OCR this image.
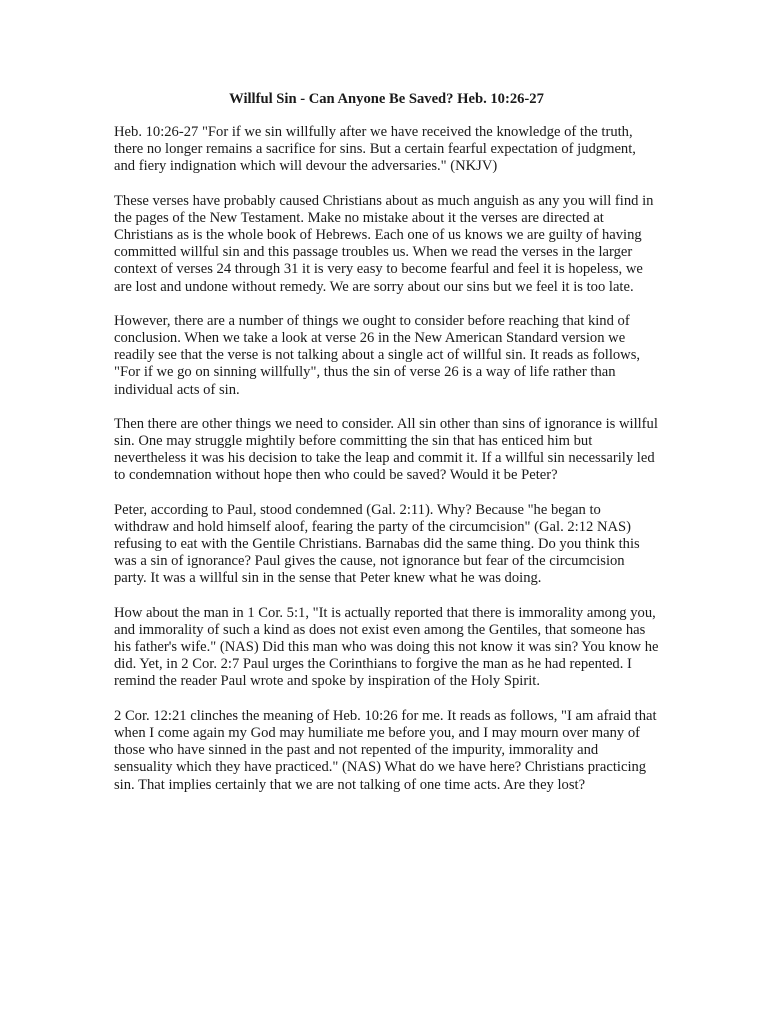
Willful Sin - Can Anyone Be Saved? Heb. 10:26-27

Heb. 10:26-27 "For if we sin willfully after we have received the knowledge of the truth, there no longer remains a sacrifice for sins. But a certain fearful expectation of judgment, and fiery indignation which will devour the adversaries." (NKJV)

These verses have probably caused Christians about as much anguish as any you will find in the pages of the New Testament. Make no mistake about it the verses are directed at Christians as is the whole book of Hebrews. Each one of us knows we are guilty of having committed willful sin and this passage troubles us. When we read the verses in the larger context of verses 24 through 31 it is very easy to become fearful and feel it is hopeless, we are lost and undone without remedy. We are sorry about our sins but we feel it is too late.

However, there are a number of things we ought to consider before reaching that kind of conclusion. When we take a look at verse 26 in the New American Standard version we readily see that the verse is not talking about a single act of willful sin. It reads as follows, "For if we go on sinning willfully", thus the sin of verse 26 is a way of life rather than individual acts of sin.

Then there are other things we need to consider. All sin other than sins of ignorance is willful sin. One may struggle mightily before committing the sin that has enticed him but nevertheless it was his decision to take the leap and commit it. If a willful sin necessarily led to condemnation without hope then who could be saved? Would it be Peter?

Peter, according to Paul, stood condemned (Gal. 2:11). Why? Because "he began to withdraw and hold himself aloof, fearing the party of the circumcision" (Gal. 2:12 NAS) refusing to eat with the Gentile Christians. Barnabas did the same thing. Do you think this was a sin of ignorance? Paul gives the cause, not ignorance but fear of the circumcision party. It was a willful sin in the sense that Peter knew what he was doing.

How about the man in 1 Cor. 5:1, "It is actually reported that there is immorality among you, and immorality of such a kind as does not exist even among the Gentiles, that someone has his father's wife." (NAS) Did this man who was doing this not know it was sin? You know he did. Yet, in 2 Cor. 2:7 Paul urges the Corinthians to forgive the man as he had repented. I remind the reader Paul wrote and spoke by inspiration of the Holy Spirit.

2 Cor. 12:21 clinches the meaning of Heb. 10:26 for me. It reads as follows, "I am afraid that when I come again my God may humiliate me before you, and I may mourn over many of those who have sinned in the past and not repented of the impurity, immorality and sensuality which they have practiced." (NAS) What do we have here? Christians practicing sin. That implies certainly that we are not talking of one time acts. Are they lost?
